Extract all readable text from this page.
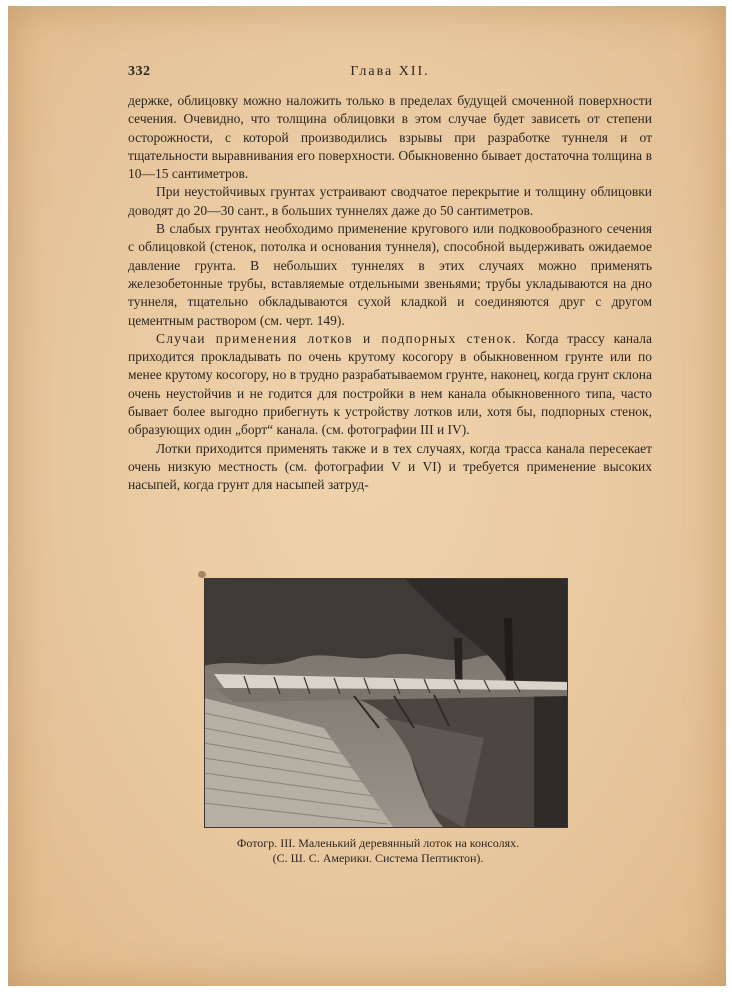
332	Глава XII.

держке, облицовку можно наложить только в пределах будущей смоченной поверхности сечения. Очевидно, что толщина облицовки в этом случае будет зависеть от степени осторожности, с которой производились взрывы при разработке туннеля и от тщательности выравнивания его поверхности. Обыкновенно бывает достаточна толщина в 10—15 сантиметров.

При неустойчивых грунтах устраивают сводчатое перекрытие и толщину облицовки доводят до 20—30 сант., в больших туннелях даже до 50 сантиметров.

В слабых грунтах необходимо применение кругового или подковообразного сечения с облицовкой (стенок, потолка и основания туннеля), способной выдерживать ожидаемое давление грунта. В небольших туннелях в этих случаях можно применять железобетонные трубы, вставляемые отдельными звеньями; трубы укладываются на дно туннеля, тщательно обкладываются сухой кладкой и соединяются друг с другом цементным раствором (см. черт. 149).

Случаи применения лотков и подпорных стенок. Когда трассу канала приходится прокладывать по очень крутому косогору в обыкновенном грунте или по менее крутому косогору, но в трудно разрабатываемом грунте, наконец, когда грунт склона очень неустойчив и не годится для постройки в нем канала обыкновенного типа, часто бывает более выгодно прибегнуть к устройству лотков или, хотя бы, подпорных стенок, образующих один „борт“ канала. (см. фотографии III и IV).

Лотки приходится применять также и в тех случаях, когда трасса канала пересекает очень низкую местность (см. фотографии V и VI) и требуется применение высоких насыпей, когда грунт для насыпей затруд-

Фотогр. III. Маленький деревянный лоток на консолях.
(С. Ш. С. Америки. Система Пептиктон).
